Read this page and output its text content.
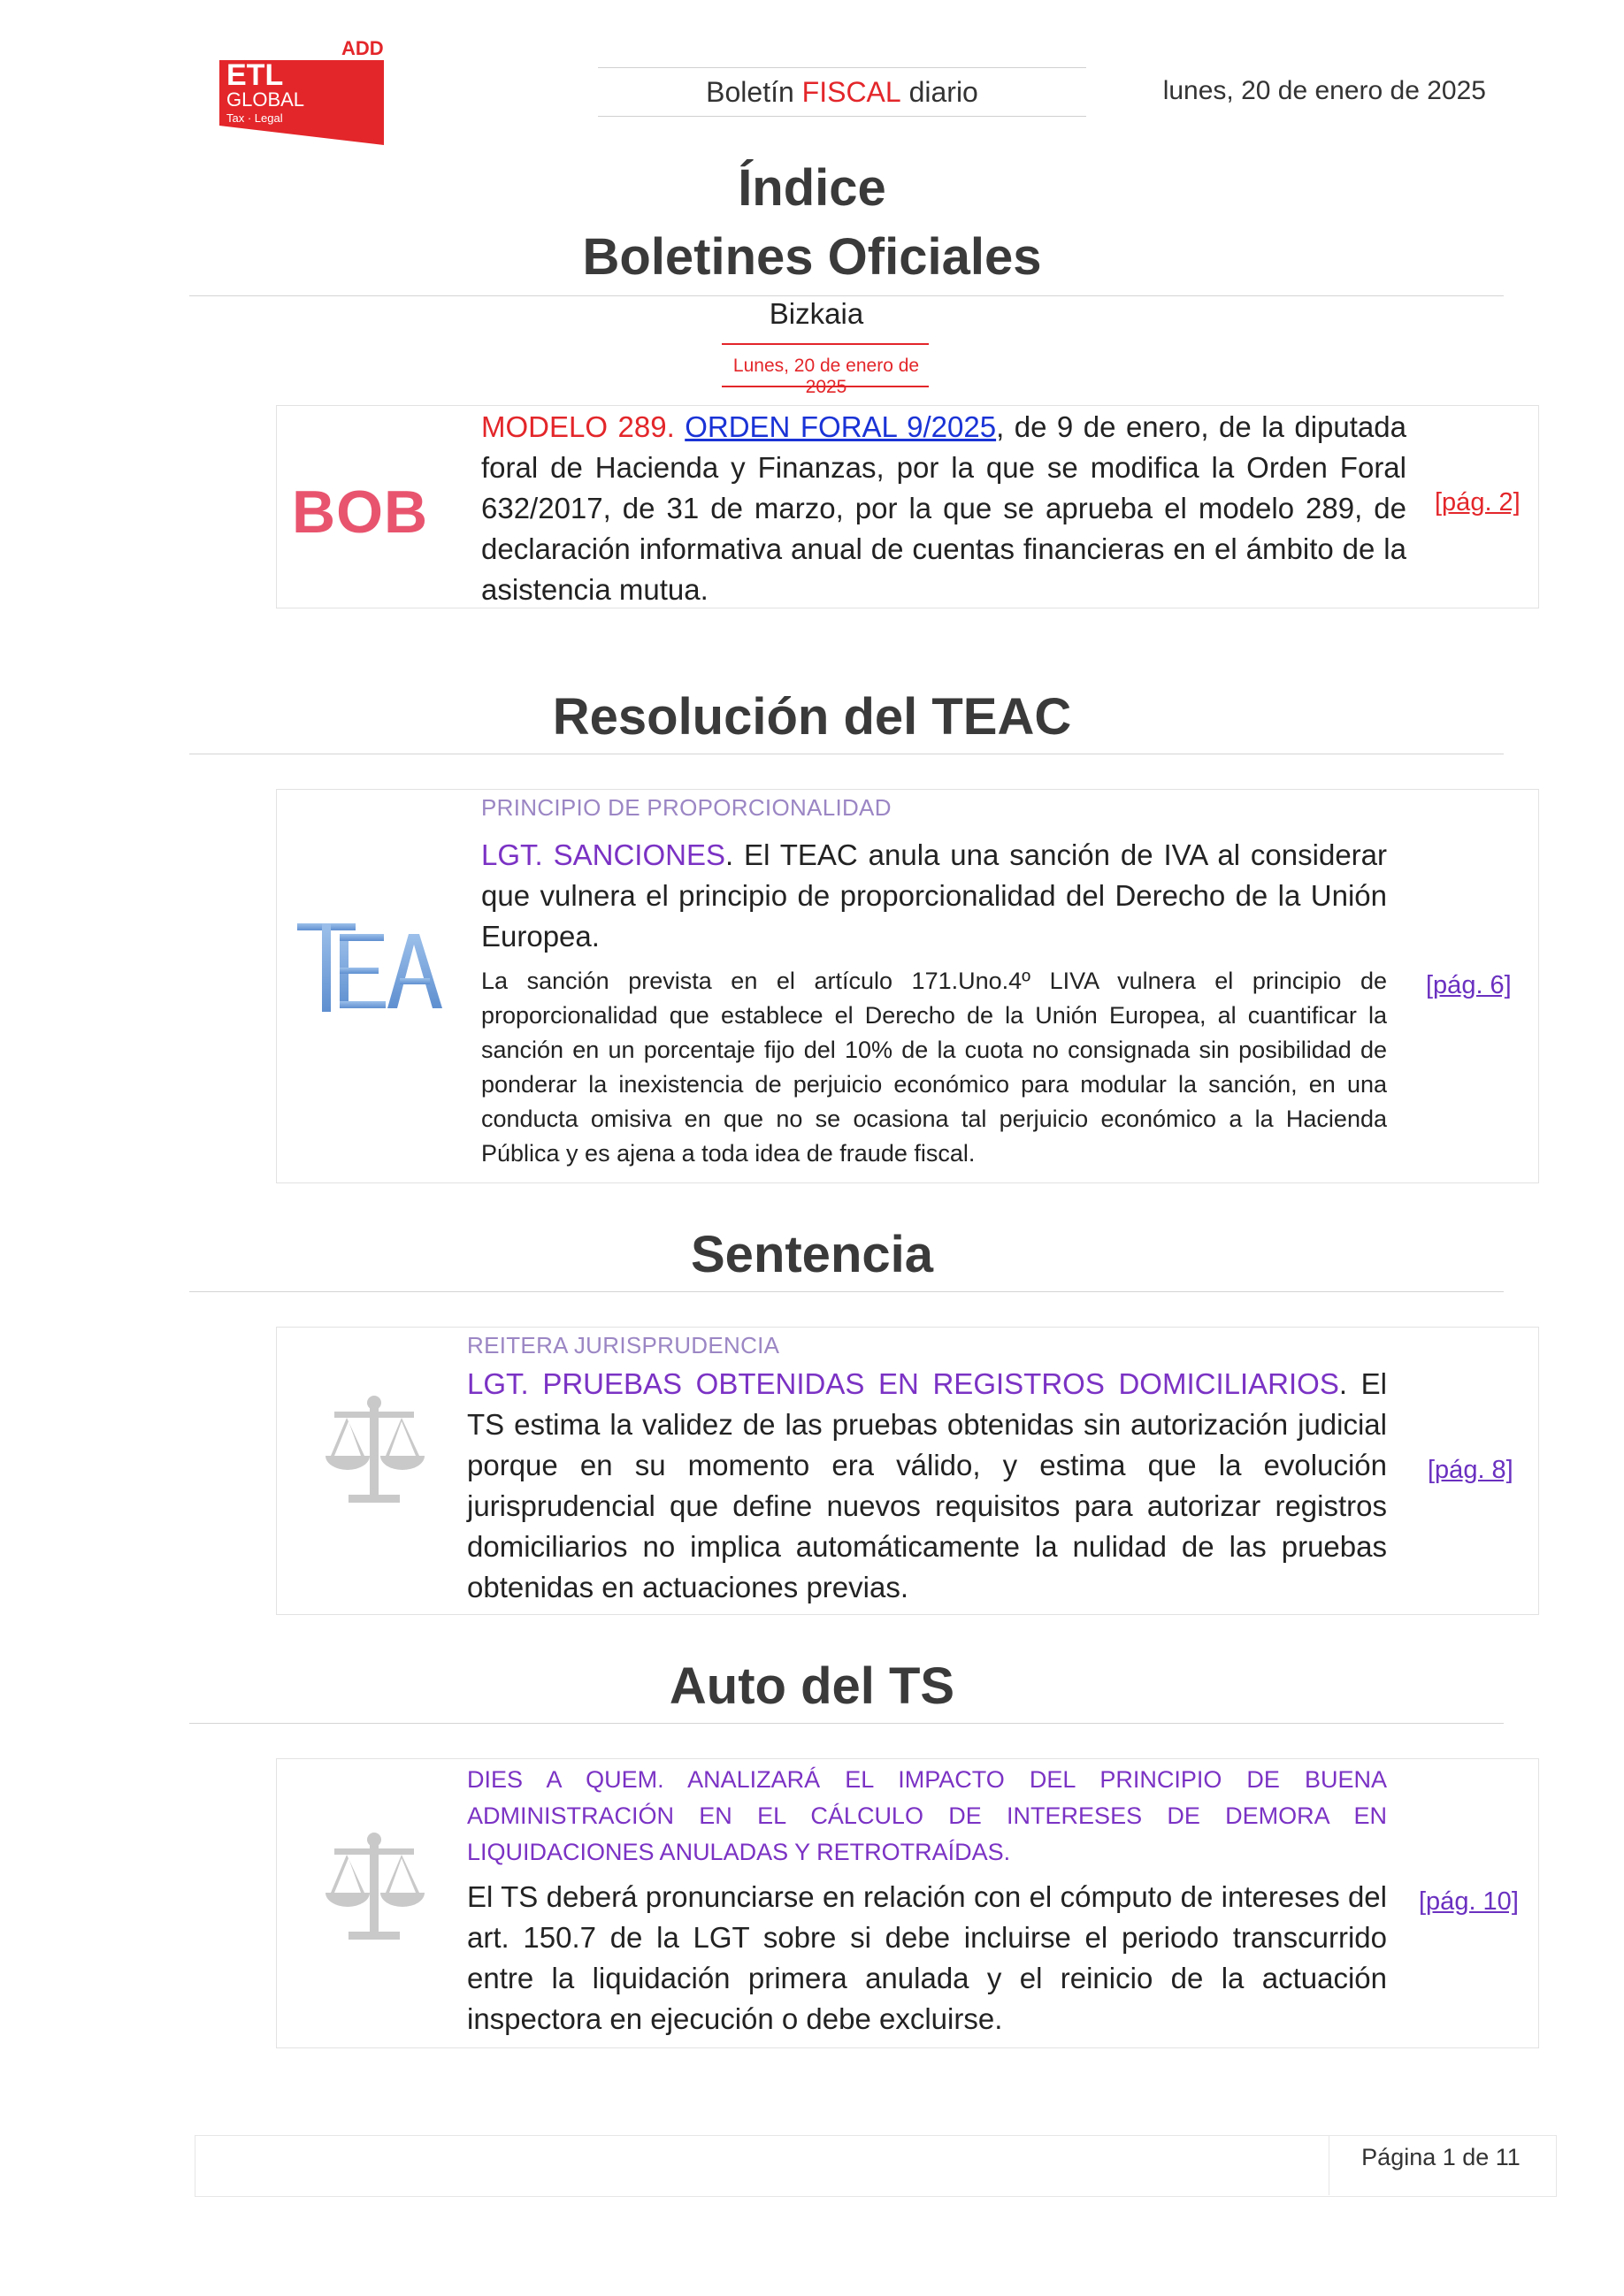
ETL
GLOBAL
Tax · Legal
ADD
Boletín FISCAL diario	lunes, 20 de enero de 2025
Índice
Boletines Oficiales
Bizkaia
Lunes, 20 de enero de 2025
BOB
MODELO 289. ORDEN FORAL 9/2025, de 9 de enero, de la diputada foral de Hacienda y Finanzas, por la que se modifica la Orden Foral 632/2017, de 31 de marzo, por la que se aprueba el modelo 289, de declaración informativa anual de cuentas financieras en el ámbito de la asistencia mutua.
[pág. 2]
Resolución del TEAC
TEA
PRINCIPIO DE PROPORCIONALIDAD
LGT. SANCIONES. El TEAC anula una sanción de IVA al considerar que vulnera el principio de proporcionalidad del Derecho de la Unión Europea.
La sanción prevista en el artículo 171.Uno.4º LIVA vulnera el principio de proporcionalidad que establece el Derecho de la Unión Europea, al cuantificar la sanción en un porcentaje fijo del 10% de la cuota no consignada sin posibilidad de ponderar la inexistencia de perjuicio económico para modular la sanción, en una conducta omisiva en que no se ocasiona tal perjuicio económico a la Hacienda Pública y es ajena a toda idea de fraude fiscal.
[pág. 6]
Sentencia
REITERA JURISPRUDENCIA
LGT. PRUEBAS OBTENIDAS EN REGISTROS DOMICILIARIOS. El TS estima la validez de las pruebas obtenidas sin autorización judicial porque en su momento era válido, y estima que la evolución jurisprudencial que define nuevos requisitos para autorizar registros domiciliarios no implica automáticamente la nulidad de las pruebas obtenidas en actuaciones previas.
[pág. 8]
Auto del TS
DIES A QUEM. ANALIZARÁ EL IMPACTO DEL PRINCIPIO DE BUENA ADMINISTRACIÓN EN EL CÁLCULO DE INTERESES DE DEMORA EN LIQUIDACIONES ANULADAS Y RETROTRAÍDAS.
El TS deberá pronunciarse en relación con el cómputo de intereses del art. 150.7 de la LGT sobre si debe incluirse el periodo transcurrido entre la liquidación primera anulada y el reinicio de la actuación inspectora en ejecución o debe excluirse.
[pág. 10]
Página 1 de 11
